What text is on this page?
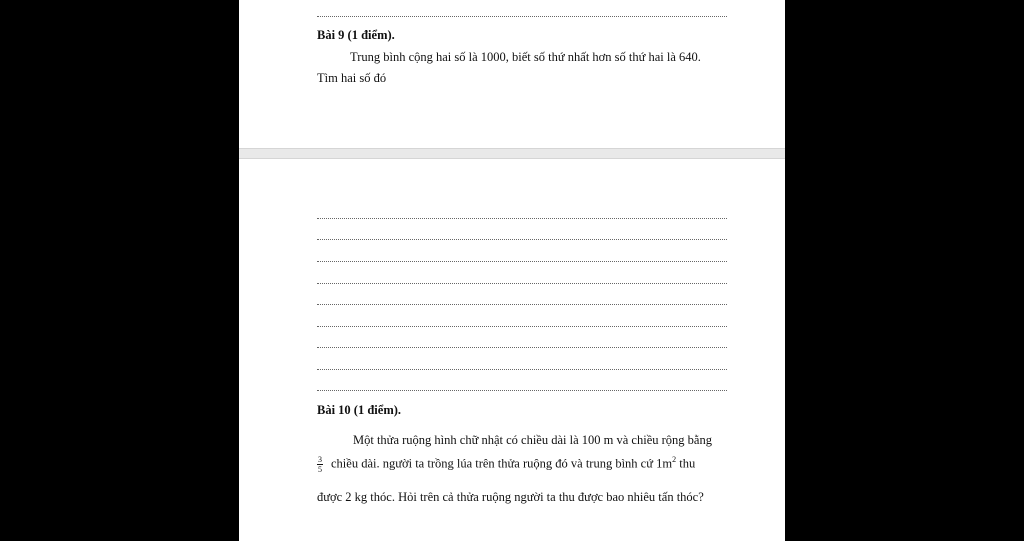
Bài 9 (1 điểm).
Trung bình cộng hai số là 1000, biết số thứ nhất hơn số thứ hai là 640.
Tìm hai số đó
Bài 10 (1 điểm).
Một thửa ruộng hình chữ nhật có chiều dài là 100 m và chiều rộng bằng
$\frac{3}{5}$ chiều dài. người ta trồng lúa trên thửa ruộng đó và trung bình cứ $1m^2$ thu
được 2 kg thóc. Hỏi trên cả thửa ruộng người ta thu được bao nhiêu tấn thóc?
